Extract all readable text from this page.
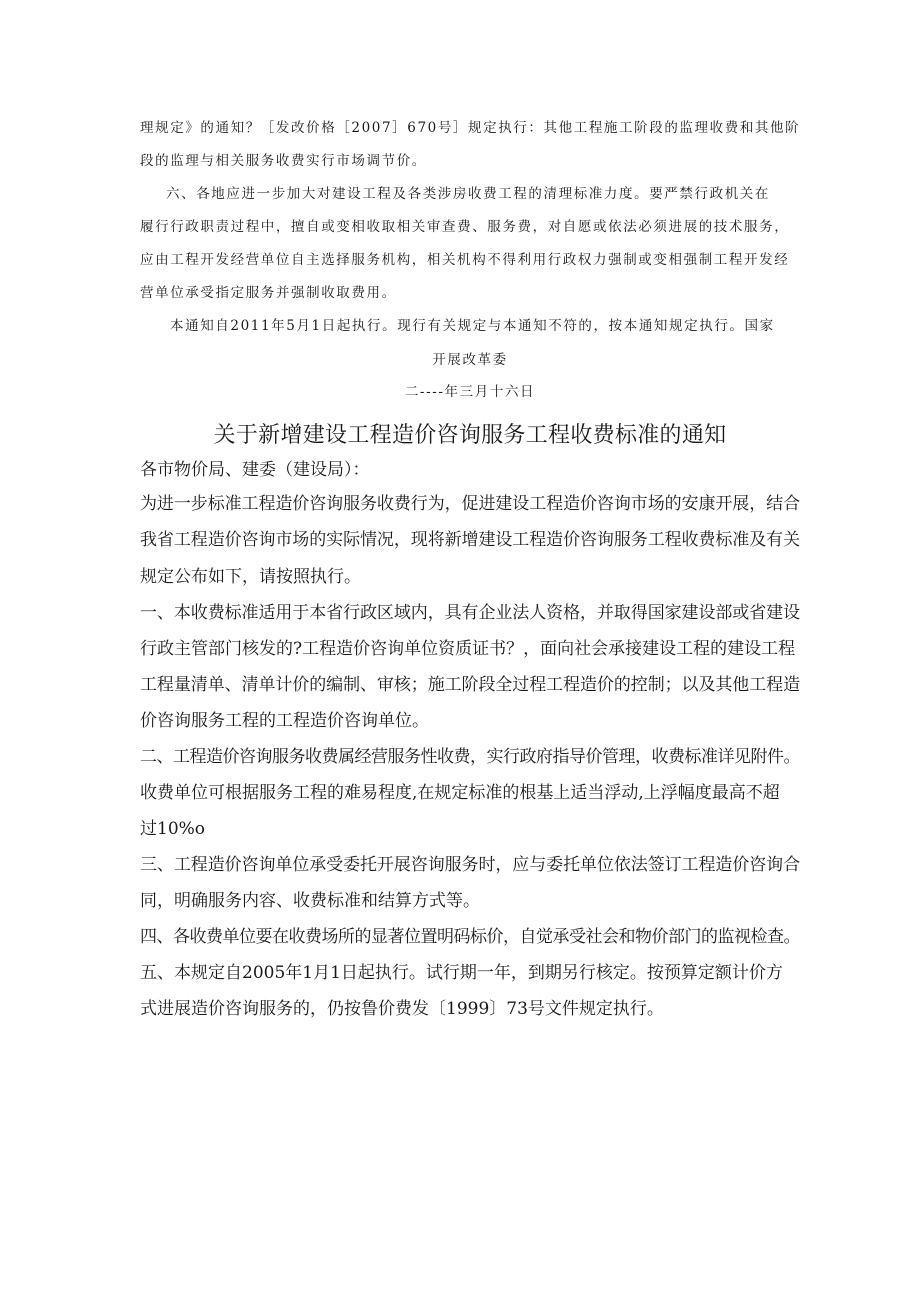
理规定》的通知？［发改价格［2007］670号］规定执行：其他工程施工阶段的监理收费和其他阶
段的监理与相关服务收费实行市场调节价。
六、各地应进一步加大对建设工程及各类涉房收费工程的清理标准力度。要严禁行政机关在
履行行政职责过程中，擅自或变相收取相关审查费、服务费，对自愿或依法必须进展的技术服务，
应由工程开发经营单位自主选择服务机构，相关机构不得利用行政权力强制或变相强制工程开发经
营单位承受指定服务并强制收取费用。
本通知自2011年5月1日起执行。现行有关规定与本通知不符的，按本通知规定执行。国家
开展改革委
二----年三月十六日
关于新增建设工程造价咨询服务工程收费标准的通知
各市物价局、建委（建设局）：
为进一步标准工程造价咨询服务收费行为，促进建设工程造价咨询市场的安康开展，结合
我省工程造价咨询市场的实际情况，现将新增建设工程造价咨询服务工程收费标准及有关
规定公布如下，请按照执行。
一、本收费标准适用于本省行政区域内，具有企业法人资格，并取得国家建设部或省建设
行政主管部门核发的?工程造价咨询单位资质证书？，面向社会承接建设工程的建设工程
工程量清单、清单计价的编制、审核；施工阶段全过程工程造价的控制；以及其他工程造
价咨询服务工程的工程造价咨询单位。
二、工程造价咨询服务收费属经营服务性收费，实行政府指导价管理，收费标准详见附件。
收费单位可根据服务工程的难易程度,在规定标准的根基上适当浮动,上浮幅度最高不超
过10%o
三、工程造价咨询单位承受委托开展咨询服务时，应与委托单位依法签订工程造价咨询合
同，明确服务内容、收费标准和结算方式等。
四、各收费单位要在收费场所的显著位置明码标价，自觉承受社会和物价部门的监视检查。
五、本规定自2005年1月1日起执行。试行期一年，到期另行核定。按预算定额计价方
式进展造价咨询服务的，仍按鲁价费发〔1999〕73号文件规定执行。
